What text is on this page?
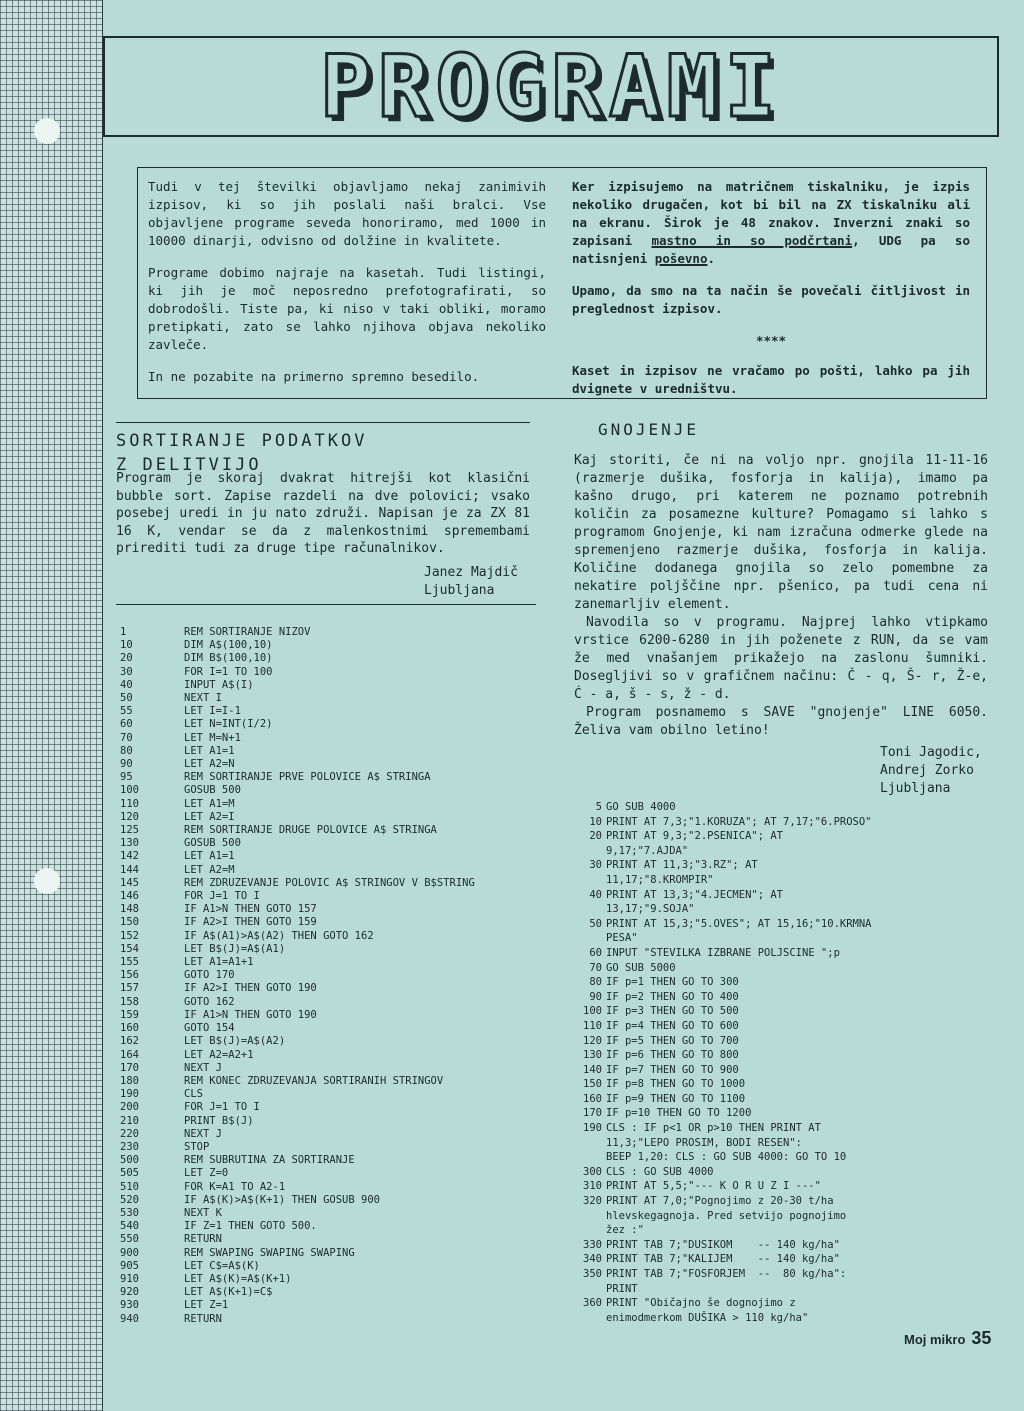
PROGRAMI

Tudi v tej številki objavljamo nekaj zanimivih izpisov, ki so jih poslali naši bralci. Vse objavljene programe seveda honoriramo, med 1000 in 10000 dinarji, odvisno od dolžine in kvalitete.

Programe dobimo najraje na kasetah. Tudi listingi, ki jih je moč neposredno prefotografirati, so dobrodošli. Tiste pa, ki niso v taki obliki, moramo pretipkati, zato se lahko njihova objava nekoliko zavleče.

In ne pozabite na primerno spremno besedilo.

Ker izpisujemo na matričnem tiskalniku, je izpis nekoliko drugačen, kot bi bil na ZX tiskalniku ali na ekranu. Širok je 48 znakov. Inverzni znaki so zapisani mastno in so podčrtani, UDG pa so natisnjeni poševno.

Upamo, da smo na ta način še povečali čitljivost in preglednost izpisov.

****

Kaset in izpisov ne vračamo po pošti, lahko pa jih dvignete v uredništvu.

SORTIRANJE PODATKOV
Z DELITVIJO
Program je skoraj dvakrat hitrejši kot klasični bubble sort. Zapise razdeli na dve polovici; vsako posebej uredi in ju nato združi. Napisan je za ZX 81 16 K, vendar se da z malenkostnimi spremembami prirediti tudi za druge tipe računalnikov.
Janez Majdič
Ljubljana
1	REM SORTIRANJE NIZOV
10	DIM A$(100,10)
20	DIM B$(100,10)
30	FOR I=1 TO 100
40	INPUT A$(I)
50	NEXT I
55	LET I=I-1
60	LET N=INT(I/2)
70	LET M=N+1
80	LET A1=1
90	LET A2=N
95	REM SORTIRANJE PRVE POLOVICE A$ STRINGA
100	GOSUB 500
110	LET A1=M
120	LET A2=I
125	REM SORTIRANJE DRUGE POLOVICE A$ STRINGA
130	GOSUB 500
142	LET A1=1
144	LET A2=M
145	REM ZDRUZEVANJE POLOVIC A$ STRINGOV V B$STRING
146	FOR J=1 TO I
148	IF A1>N THEN GOTO 157
150	IF A2>I THEN GOTO 159
152	IF A$(A1)>A$(A2) THEN GOTO 162
154	LET B$(J)=A$(A1)
155	LET A1=A1+1
156	GOTO 170
157	IF A2>I THEN GOTO 190
158	GOTO 162
159	IF A1>N THEN GOTO 190
160	GOTO 154
162	LET B$(J)=A$(A2)
164	LET A2=A2+1
170	NEXT J
180	REM KONEC ZDRUZEVANJA SORTIRANIH STRINGOV
190	CLS
200	FOR J=1 TO I
210	PRINT B$(J)
220	NEXT J
230	STOP
500	REM SUBRUTINA ZA SORTIRANJE
505	LET Z=0
510	FOR K=A1 TO A2-1
520	IF A$(K)>A$(K+1) THEN GOSUB 900
530	NEXT K
540	IF Z=1 THEN GOTO 500.
550	RETURN
900	REM SWAPING SWAPING SWAPING
905	LET C$=A$(K)
910	LET A$(K)=A$(K+1)
920	LET A$(K+1)=C$
930	LET Z=1
940	RETURN
GNOJENJE
Kaj storiti, če ni na voljo npr. gnojila 11-11-16 (razmerje dušika, fosforja in kalija), imamo pa kašno drugo, pri katerem ne poznamo potrebnih količin za posamezne kulture? Pomagamo si lahko s programom Gnojenje, ki nam izračuna odmerke glede na spremenjeno razmerje dušika, fosforja in kalija. Količine dodanega gnojila so zelo pomembne za nekatire poljščine npr. pšenico, pa tudi cena ni zanemarljiv element.
Navodila so v programu. Najprej lahko vtipkamo vrstice 6200-6280 in jih poženete z RUN, da se vam že med vnašanjem prikažejo na zaslonu šumniki. Dosegljivi so v grafičnem načinu: Č - q, Š- r, Ž-e, Ć - a, š - s, ž - d.
Program posnamemo s SAVE "gnojenje" LINE 6050. Želiva vam obilno letino!
Toni Jagodic,
Andrej Zorko
Ljubljana
5 GO SUB 4000
10 PRINT AT 7,3;"1.KORUZA"; AT 7,17;"6.PROSO"
20 PRINT AT 9,3;"2.PSENICA"; AT
9,17;"7.AJDA"
30 PRINT AT 11,3;"3.RZ"; AT
11,17;"8.KROMPIR"
40 PRINT AT 13,3;"4.JECMEN"; AT
13,17;"9.SOJA"
50 PRINT AT 15,3;"5.OVES"; AT 15,16;"10.KRMNA
PESA"
60 INPUT "STEVILKA IZBRANE POLJSCINE ";p
70 GO SUB 5000
80 IF p=1 THEN GO TO 300
90 IF p=2 THEN GO TO 400
100 IF p=3 THEN GO TO 500
110 IF p=4 THEN GO TO 600
120 IF p=5 THEN GO TO 700
130 IF p=6 THEN GO TO 800
140 IF p=7 THEN GO TO 900
150 IF p=8 THEN GO TO 1000
160 IF p=9 THEN GO TO 1100
170 IF p=10 THEN GO TO 1200
190 CLS : IF p<1 OR p>10 THEN PRINT AT
11,3;"LEPO PROSIM, BODI RESEN":
BEEP 1,20: CLS : GO SUB 4000: GO TO 10
300 CLS : GO SUB 4000
310 PRINT AT 5,5;"--- K O R U Z I ---"
320 PRINT AT 7,0;"Pognojimo z 20-30 t/ha
hlevskegagnoja. Pred setvijo pognojimo
žez :"
330 PRINT TAB 7;"DUSIKOM    -- 140 kg/ha"
340 PRINT TAB 7;"KALIJEM    -- 140 kg/ha"
350 PRINT TAB 7;"FOSFORJEM  --  80 kg/ha":
PRINT
360 PRINT "Običajno še dognojimo z
enimodmerkom DUŠIKA > 110 kg/ha"
Moj mikro 35
